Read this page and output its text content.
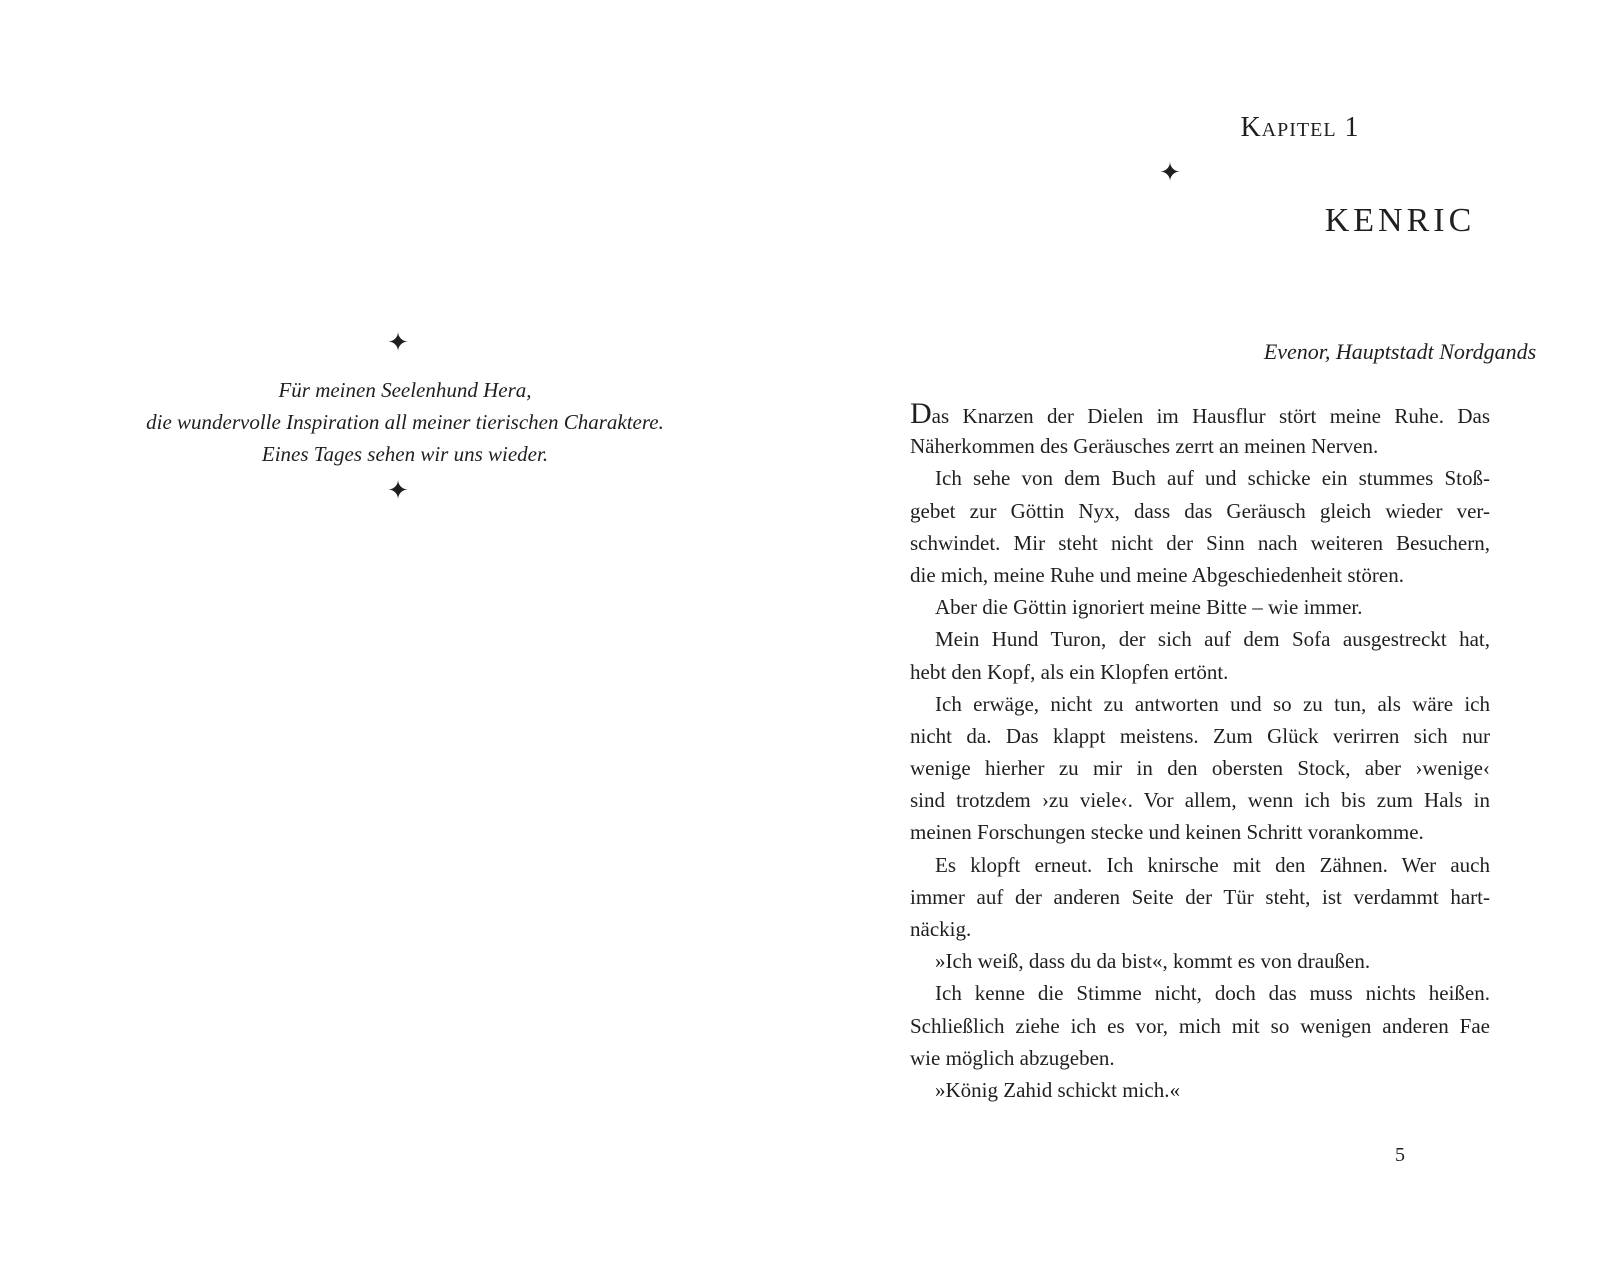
✦
Für meinen Seelenhund Hera,
die wundervolle Inspiration all meiner tierischen Charaktere.
Eines Tages sehen wir uns wieder.
✦
Kapitel 1
✦
KENRIC
Evenor, Hauptstadt Nordgands
Das Knarzen der Dielen im Hausflur stört meine Ruhe. Das
Näherkommen des Geräusches zerrt an meinen Nerven.
Ich sehe von dem Buch auf und schicke ein stummes Stoß-
gebet zur Göttin Nyx, dass das Geräusch gleich wieder ver-
schwindet. Mir steht nicht der Sinn nach weiteren Besuchern,
die mich, meine Ruhe und meine Abgeschiedenheit stören.
Aber die Göttin ignoriert meine Bitte – wie immer.
Mein Hund Turon, der sich auf dem Sofa ausgestreckt hat,
hebt den Kopf, als ein Klopfen ertönt.
Ich erwäge, nicht zu antworten und so zu tun, als wäre ich
nicht da. Das klappt meistens. Zum Glück verirren sich nur
wenige hierher zu mir in den obersten Stock, aber ›wenige‹
sind trotzdem ›zu viele‹. Vor allem, wenn ich bis zum Hals in
meinen Forschungen stecke und keinen Schritt vorankomme.
Es klopft erneut. Ich knirsche mit den Zähnen. Wer auch
immer auf der anderen Seite der Tür steht, ist verdammt hart-
näckig.
»Ich weiß, dass du da bist«, kommt es von draußen.
Ich kenne die Stimme nicht, doch das muss nichts heißen.
Schließlich ziehe ich es vor, mich mit so wenigen anderen Fae
wie möglich abzugeben.
»König Zahid schickt mich.«
5
